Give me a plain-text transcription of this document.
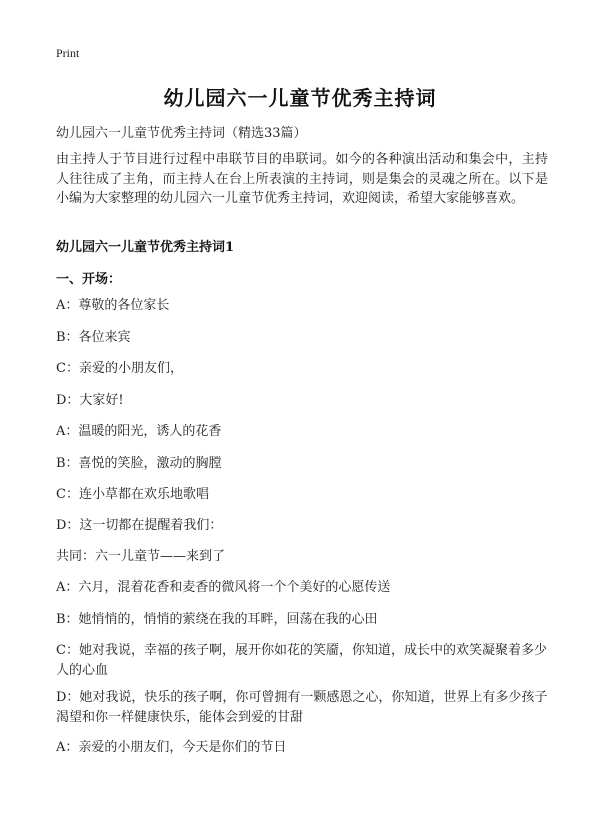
Print
幼儿园六一儿童节优秀主持词
幼儿园六一儿童节优秀主持词（精选33篇）
由主持人于节目进行过程中串联节目的串联词。如今的各种演出活动和集会中，主持人往往成了主角，而主持人在台上所表演的主持词，则是集会的灵魂之所在。以下是小编为大家整理的幼儿园六一儿童节优秀主持词，欢迎阅读，希望大家能够喜欢。
幼儿园六一儿童节优秀主持词1
一、开场：
A：尊敬的各位家长
B：各位来宾
C：亲爱的小朋友们，
D：大家好!
A：温暖的阳光，诱人的花香
B：喜悦的笑脸，激动的胸膛
C：连小草都在欢乐地歌唱
D：这一切都在提醒着我们：
共同：六一儿童节——来到了
A：六月，混着花香和麦香的微风将一个个美好的心愿传送
B：她悄悄的，悄悄的萦绕在我的耳畔，回荡在我的心田
C：她对我说，幸福的孩子啊，展开你如花的笑靥，你知道，成长中的欢笑凝聚着多少人的心血
D：她对我说，快乐的孩子啊，你可曾拥有一颗感恩之心，你知道，世界上有多少孩子渴望和你一样健康快乐，能体会到爱的甘甜
A：亲爱的小朋友们，今天是你们的节日
